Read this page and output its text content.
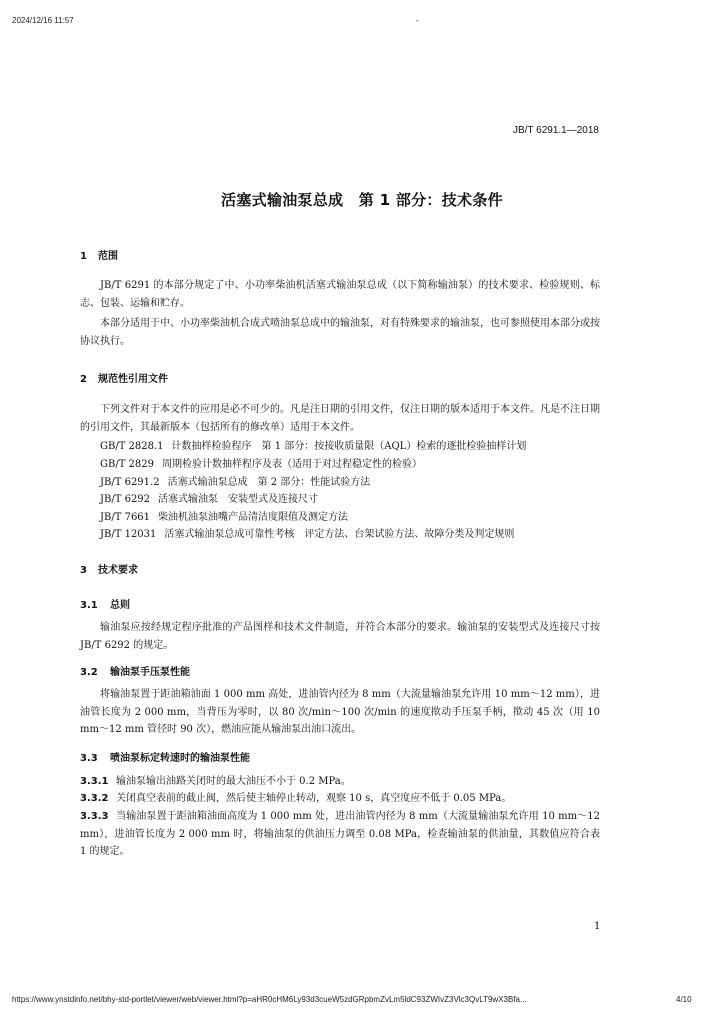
2024/12/16 11:57	-
JB/T 6291.1—2018
活塞式输油泵总成　第 1 部分：技术条件
1 范围

JB/T 6291 的本部分规定了中、小功率柴油机活塞式输油泵总成（以下简称输油泵）的技术要求、检验规则、标志、包装、运输和贮存。

本部分适用于中、小功率柴油机合成式喷油泵总成中的输油泵，对有特殊要求的输油泵，也可参照使用本部分或按协议执行。

2 规范性引用文件

下列文件对于本文件的应用是必不可少的。凡是注日期的引用文件，仅注日期的版本适用于本文件。凡是不注日期的引用文件，其最新版本（包括所有的修改单）适用于本文件。

GB/T 2828.1 计数抽样检验程序　第 1 部分：按接收质量限（AQL）检索的逐批检验抽样计划
GB/T 2829 周期检验计数抽样程序及表（适用于对过程稳定性的检验）
JB/T 6291.2 活塞式输油泵总成　第 2 部分：性能试验方法
JB/T 6292 活塞式输油泵　安装型式及连接尺寸
JB/T 7661 柴油机油泵油嘴产品清洁度限值及测定方法
JB/T 12031 活塞式输油泵总成可靠性考核　评定方法、台架试验方法、故障分类及判定规则
3 技术要求
3.1 总则

输油泵应按经规定程序批准的产品图样和技术文件制造，并符合本部分的要求。输油泵的安装型式及连接尺寸按 JB/T 6292 的规定。

3.2 输油泵手压泵性能

将输油泵置于距油箱油面 1 000 mm 高处，进油管内径为 8 mm（大流量输油泵允许用 10 mm～12 mm），进油管长度为 2 000 mm，当背压为零时，以 80 次/min～100 次/min 的速度揿动手压泵手柄，揿动 45 次（用 10 mm～12 mm 管径时 90 次），燃油应能从输油泵出油口流出。

3.3 喷油泵标定转速时的输油泵性能

3.3.1 输油泵输出油路关闭时的最大油压不小于 0.2 MPa。

3.3.2 关闭真空表前的截止阀，然后使主轴停止转动，观察 10 s，真空度应不低于 0.05 MPa。

3.3.3 当输油泵置于距油箱油面高度为 1 000 mm 处，进出油管内径为 8 mm（大流量输油泵允许用 10 mm～12 mm），进油管长度为 2 000 mm 时，将输油泵的供油压力调至 0.08 MPa，检查输油泵的供油量，其数值应符合表 1 的规定。

1
https://www.ynstdinfo.net/bhy-std-portlet/viewer/web/viewer.html?p=aHR0cHM6Ly93d3cueW5zdGRpbmZvLm5ldC93ZWIvZ3Vlc3QvLT9wX3Bfa...	4/10
